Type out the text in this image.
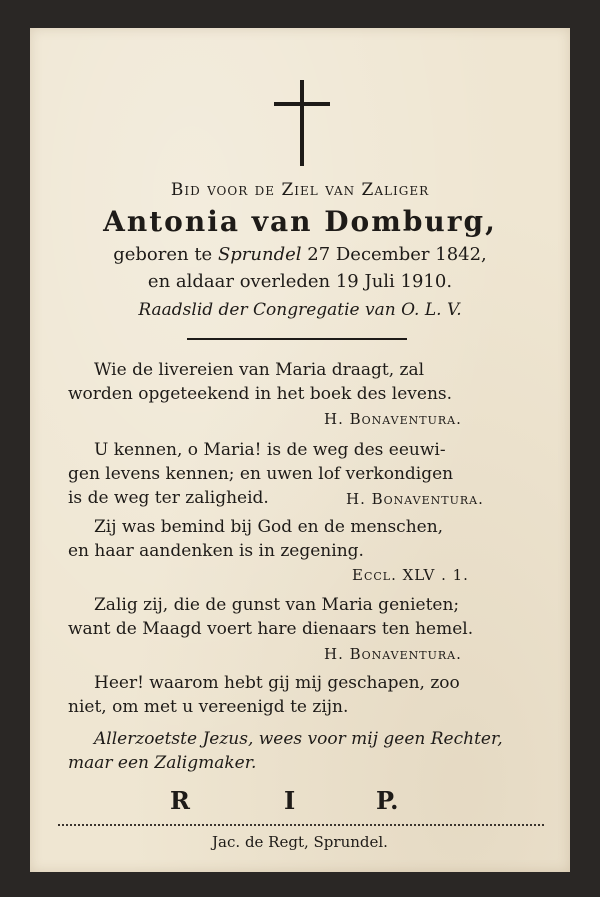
Bid voor de Ziel van Zaliger

Antonia van Domburg,

geboren te Sprundel 27 December 1842,

en aldaar overleden 19 Juli 1910.

Raadslid der Congregatie van O. L. V.

Wie de livereien van Maria draagt, zal

worden opgeteekend in het boek des levens.

H. Bonaventura.

U kennen, o Maria! is de weg des eeuwi-

gen levens kennen; en uwen lof verkondigen

is de weg ter zaligheid.	H. Bonaventura.

Zij was bemind bij God en de menschen,

en haar aandenken is in zegening.

Eccl. XLV . 1.

Zalig zij, die de gunst van Maria genieten;

want de Maagd voert hare dienaars ten hemel.

H. Bonaventura.

Heer! waarom hebt gij mij geschapen, zoo

niet, om met u vereenigd te zijn.

Allerzoetste Jezus, wees voor mij geen Rechter,

maar een Zaligmaker.

R	I	P.

Jac. de Regt, Sprundel.
